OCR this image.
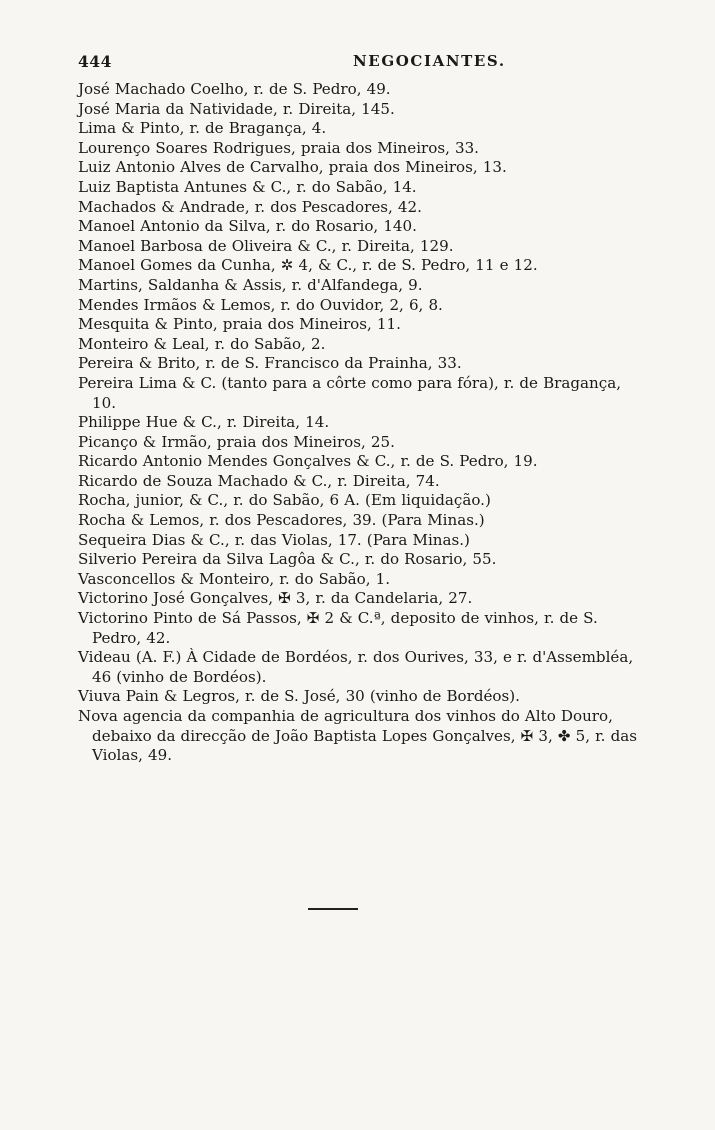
444	NEGOCIANTES.
José Machado Coelho, r. de S. Pedro, 49.
José Maria da Natividade, r. Direita, 145.
Lima & Pinto, r. de Bragança, 4.
Lourenço Soares Rodrigues, praia dos Mineiros, 33.
Luiz Antonio Alves de Carvalho, praia dos Mineiros, 13.
Luiz Baptista Antunes & C., r. do Sabão, 14.
Machados & Andrade, r. dos Pescadores, 42.
Manoel Antonio da Silva, r. do Rosario, 140.
Manoel Barbosa de Oliveira & C., r. Direita, 129.
Manoel Gomes da Cunha, ✲ 4, & C., r. de S. Pedro, 11 e 12.
Martins, Saldanha & Assis, r. d'Alfandega, 9.
Mendes Irmãos & Lemos, r. do Ouvidor, 2, 6, 8.
Mesquita & Pinto, praia dos Mineiros, 11.
Monteiro & Leal, r. do Sabão, 2.
Pereira & Brito, r. de S. Francisco da Prainha, 33.
Pereira Lima & C. (tanto para a côrte como para fóra), r. de Bragança, 10.
Philippe Hue & C., r. Direita, 14.
Picanço & Irmão, praia dos Mineiros, 25.
Ricardo Antonio Mendes Gonçalves & C., r. de S. Pedro, 19.
Ricardo de Souza Machado & C., r. Direita, 74.
Rocha, junior, & C., r. do Sabão, 6 A. (Em liquidação.)
Rocha & Lemos, r. dos Pescadores, 39. (Para Minas.)
Sequeira Dias & C., r. das Violas, 17. (Para Minas.)
Silverio Pereira da Silva Lagôa & C., r. do Rosario, 55.
Vasconcellos & Monteiro, r. do Sabão, 1.
Victorino José Gonçalves, ✠ 3, r. da Candelaria, 27.
Victorino Pinto de Sá Passos, ✠ 2 & C.ª, deposito de vinhos, r. de S. Pedro, 42.
Videau (A. F.) À Cidade de Bordéos, r. dos Ourives, 33, e r. d'Assembléa, 46 (vinho de Bordéos).
Viuva Pain & Legros, r. de S. José, 30 (vinho de Bordéos).
Nova agencia da companhia de agricultura dos vinhos do Alto Douro, debaixo da direcção de João Baptista Lopes Gonçalves, ✠ 3, ✤ 5, r. das Violas, 49.
